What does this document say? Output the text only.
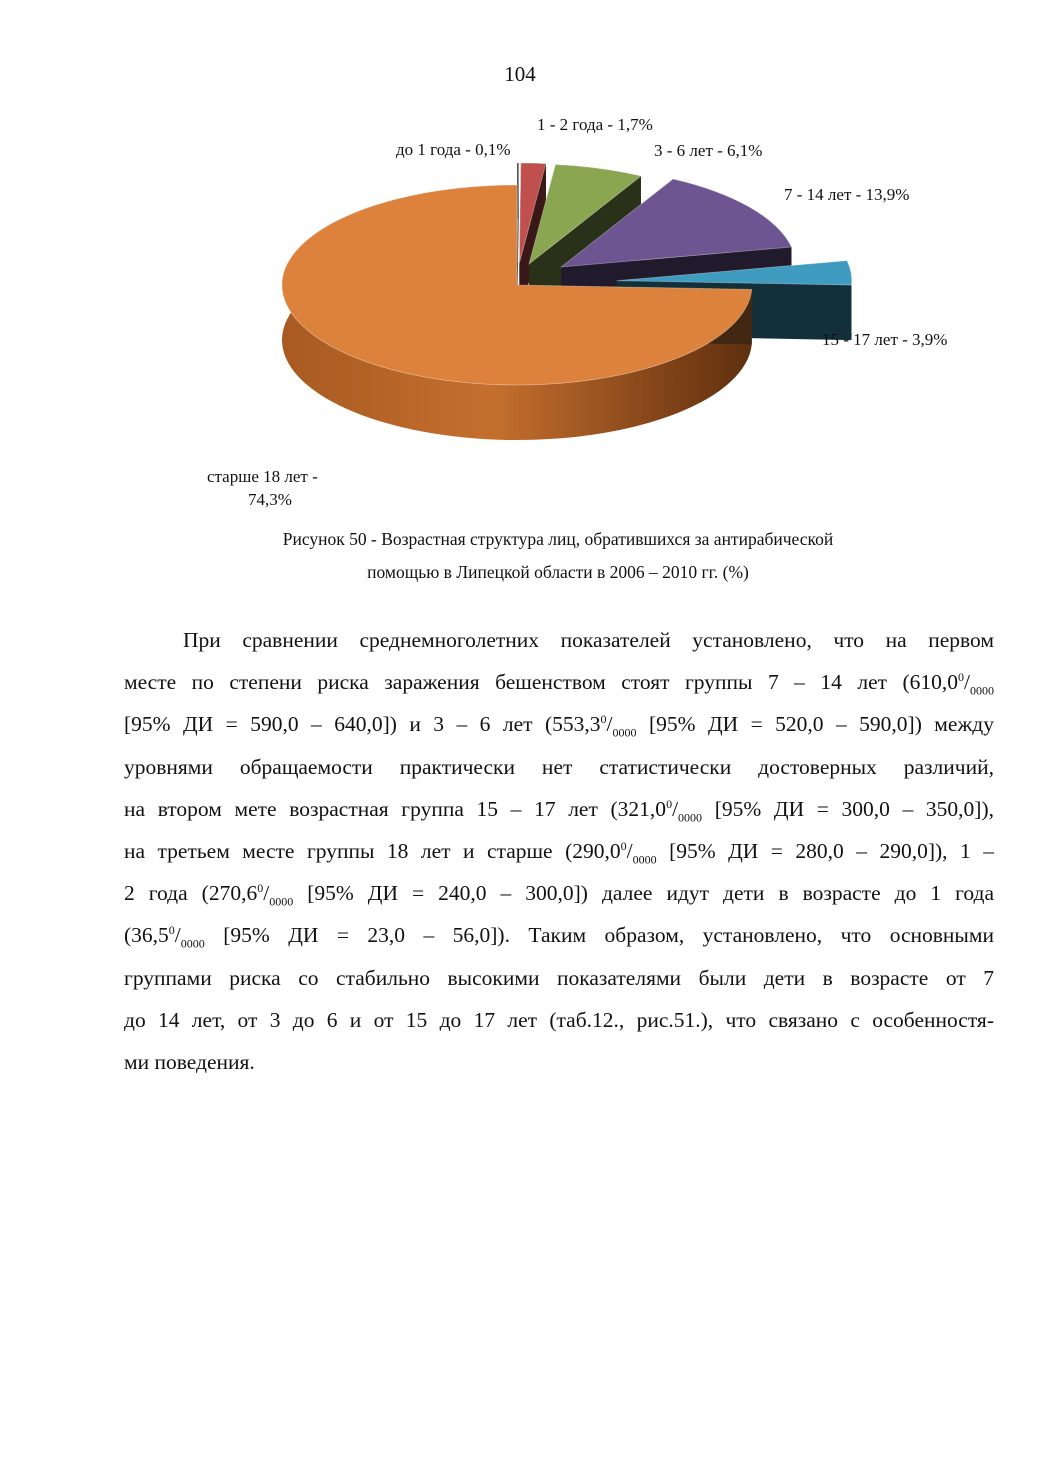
104
до 1 года - 0,1%
1 - 2 года - 1,7%
3 - 6 лет - 6,1%
7 - 14 лет - 13,9%
15 - 17 лет - 3,9%
старше 18 лет -
74,3%
Рисунок 50 - Возрастная структура лиц, обратившихся за антирабической
помощью в Липецкой области в 2006 – 2010 гг. (%)
При сравнении среднемноголетних показателей установлено, что на первом
месте по степени риска заражения бешенством стоят группы 7 – 14 лет ($610,0^0/_{0000}$
[95% ДИ = 590,0 – 640,0]) и 3 – 6 лет ($553,3^0/_{0000}$ [95% ДИ = 520,0 – 590,0]) между
уровнями обращаемости практически нет статистически достоверных различий,
на втором мете возрастная группа 15 – 17 лет ($321,0^0/_{0000}$ [95% ДИ = 300,0 – 350,0]),
на третьем месте группы 18 лет и старше ($290,0^0/_{0000}$ [95% ДИ = 280,0 – 290,0]), 1 –
2 года ($270,6^0/_{0000}$ [95% ДИ = 240,0 – 300,0]) далее идут дети в возрасте до 1 года
($36,5^0/_{0000}$ [95% ДИ = 23,0 – 56,0]). Таким образом, установлено, что основными
группами риска со стабильно высокими показателями были дети в возрасте от 7
до 14 лет, от 3 до 6 и от 15 до 17 лет (таб.12., рис.51.), что связано с особенностя-
ми поведения.
